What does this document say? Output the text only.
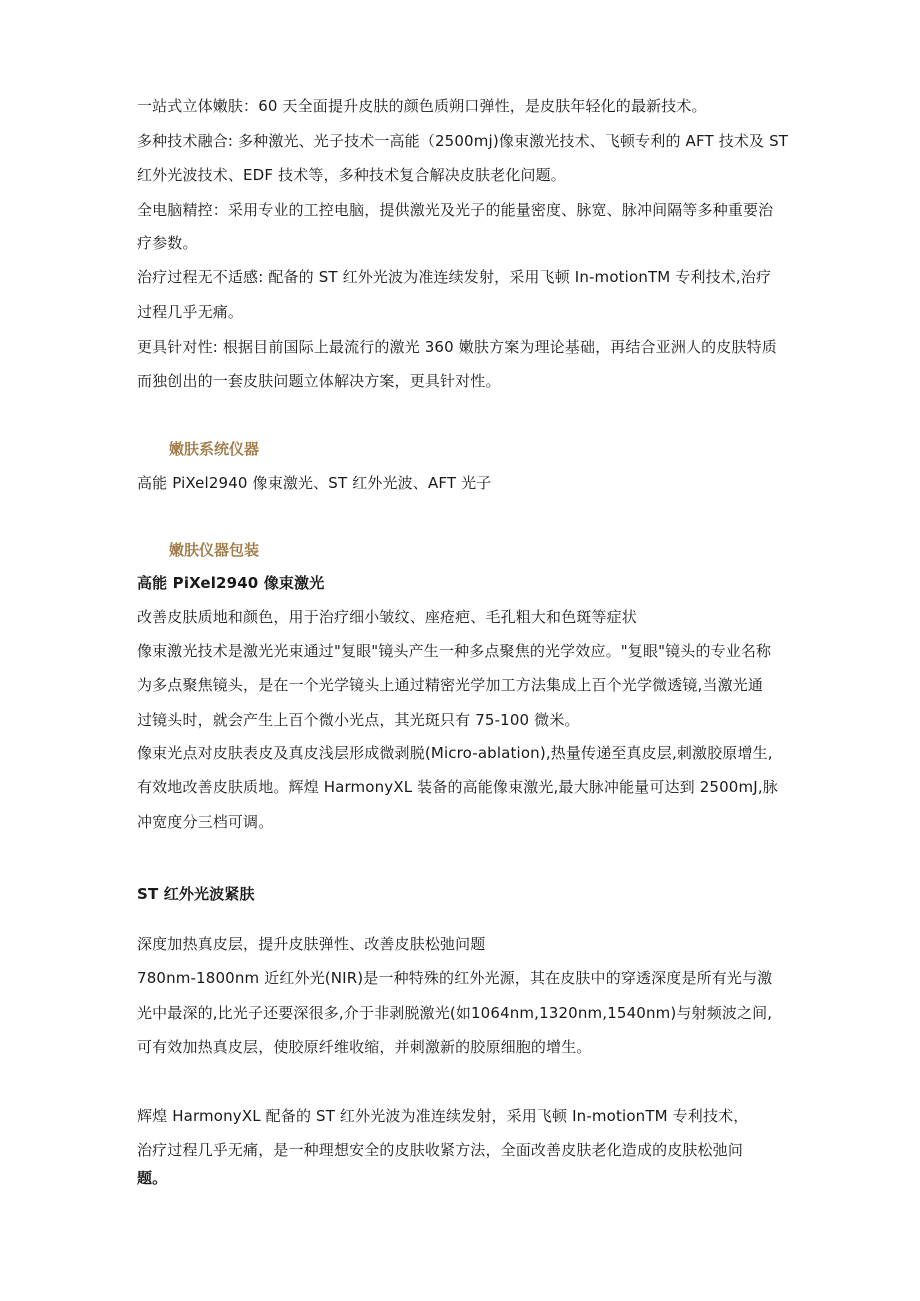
一站式立体嫩肤：60 天全面提升皮肤的颜色质朔口弹性，是皮肤年轻化的最新技术。
多种技术融合: 多种激光、光子技术一高能（2500mj)像束激光技术、飞顿专利的 AFT 技术及 ST
红外光波技术、EDF 技术等，多种技术复合解决皮肤老化问题。
全电脑精控：采用专业的工控电脑，提供激光及光子的能量密度、脉宽、脉冲间隔等多种重要治
疗参数。
治疗过程无不适感: 配备的 ST 红外光波为准连续发射，采用飞顿 In-motionTM 专利技术,治疗
过程几乎无痛。
更具针对性: 根据目前国际上最流行的激光 360 嫩肤方案为理论基础，再结合亚洲人的皮肤特质
而独创出的一套皮肤问题立体解决方案，更具针对性。
嫩肤系统仪器
高能 PiXel2940 像束激光、ST 红外光波、AFT 光子
嫩肤仪器包装
高能 PiXel2940 像束激光
改善皮肤质地和颜色，用于治疗细小皱纹、座疮疤、毛孔粗大和色斑等症状
像束激光技术是激光光束通过"复眼"镜头产生一种多点聚焦的光学效应。"复眼"镜头的专业名称
为多点聚焦镜头，是在一个光学镜头上通过精密光学加工方法集成上百个光学微透镜,当激光通
过镜头时，就会产生上百个微小光点，其光斑只有 75-100 微米。
像束光点对皮肤表皮及真皮浅层形成微剥脱(Micro-ablation),热量传递至真皮层,刺激胶原增生,
有效地改善皮肤质地。辉煌 HarmonyXL 装备的高能像束激光,最大脉冲能量可达到 2500mJ,脉
冲宽度分三档可调。
ST 红外光波紧肤
深度加热真皮层，提升皮肤弹性、改善皮肤松弛问题
780nm-1800nm 近红外光(NIR)是一种特殊的红外光源，其在皮肤中的穿透深度是所有光与激
光中最深的,比光子还要深很多,介于非剥脱激光(如1064nm,1320nm,1540nm)与射频波之间,
可有效加热真皮层，使胶原纤维收缩，并刺激新的胶原细胞的增生。
辉煌 HarmonyXL 配备的 ST 红外光波为准连续发射，采用飞顿 In-motionTM 专利技术，
治疗过程几乎无痛，是一种理想安全的皮肤收紧方法，全面改善皮肤老化造成的皮肤松弛问
题。
